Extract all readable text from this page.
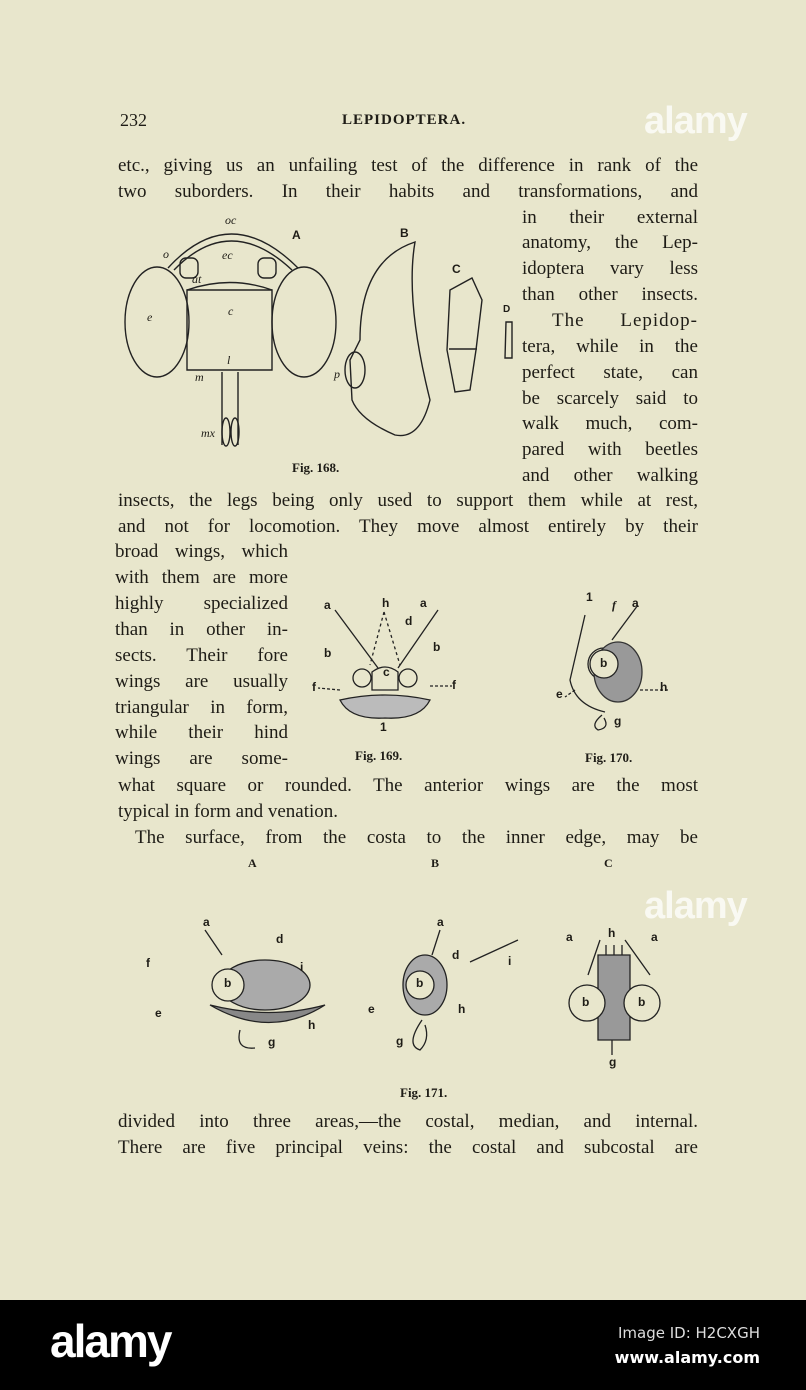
232	LEPIDOPTERA.
etc., giving us an unfailing test of the difference in rank of the
two suborders. In their habits and transformations, and
in their external
anatomy, the Lep-
idoptera vary less
than other insects.
The Lepidop-
tera, while in the
perfect state, can
be scarcely said to
walk much, com-
pared with beetles
and other walking
insects, the legs being only used to support them while at rest,
and not for locomotion. They move almost entirely by their
broad wings, which
with them are more
highly specialized
than in other in-
sects. Their fore
wings are usually
triangular in form,
while their hind
wings are some-
what square or rounded. The anterior wings are the most
typical in form and venation.
The surface, from the costa to the inner edge, may be
divided into three areas,—the costal, median, and internal.
There are five principal veins: the costal and subcostal are
oc
A
o	ec
at
e	c
l
m
mx
B
p
C
D
Fig. 168.
a	h	a
d
b	b
f
c
f
1
Fig. 169.
1
f a
b
e	h
g
Fig. 170.
A	B	C
a
d
f	i
b
e
h
g
a
d	i
e
b
h
g
a	h	a
b	b
g
Fig. 171.
alamy
alamy
alamy	Image ID: H2CXGH
www.alamy.com
